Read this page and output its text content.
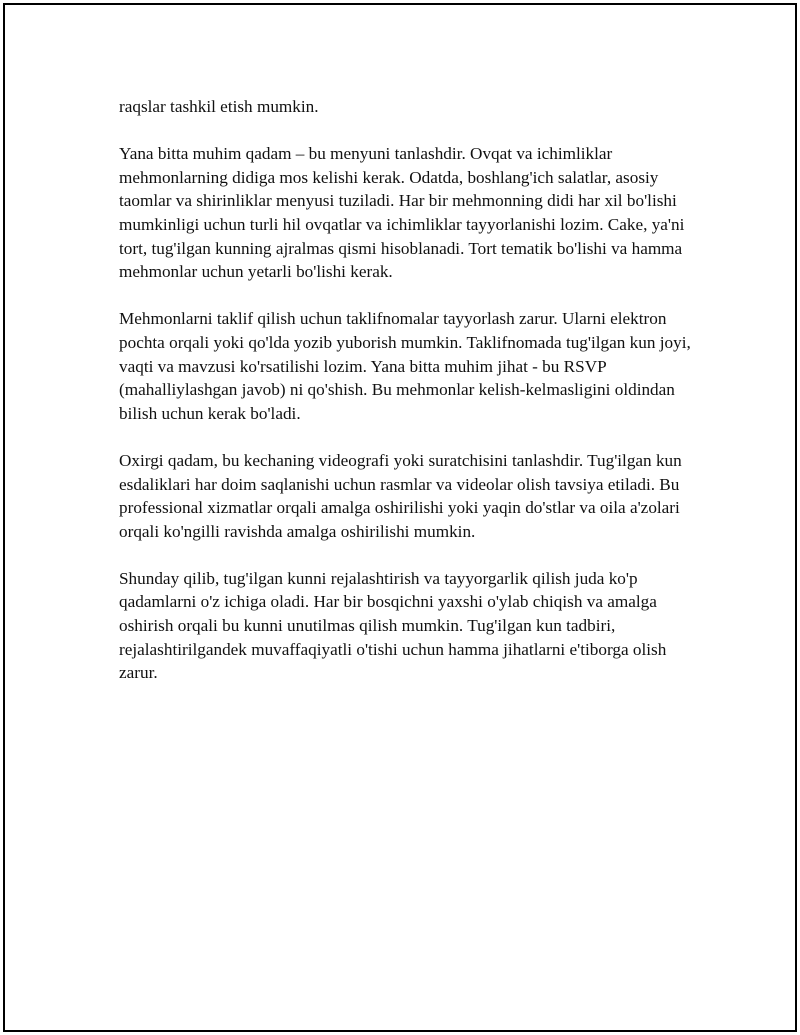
raqslar tashkil etish mumkin.

Yana bitta muhim qadam – bu menyuni tanlashdir. Ovqat va ichimliklar mehmonlarning didiga mos kelishi kerak. Odatda, boshlang'ich salatlar, asosiy taomlar va shirinliklar menyusi tuziladi. Har bir mehmonning didi har xil bo'lishi mumkinligi uchun turli hil ovqatlar va ichimliklar tayyorlanishi lozim. Cake, ya'ni tort, tug'ilgan kunning ajralmas qismi hisoblanadi. Tort tematik bo'lishi va hamma mehmonlar uchun yetarli bo'lishi kerak.

Mehmonlarni taklif qilish uchun taklifnomalar tayyorlash zarur. Ularni elektron pochta orqali yoki qo'lda yozib yuborish mumkin. Taklifnomada tug'ilgan kun joyi, vaqti va mavzusi ko'rsatilishi lozim. Yana bitta muhim jihat - bu RSVP (mahalliylashgan javob) ni qo'shish. Bu mehmonlar kelish-kelmasligini oldindan bilish uchun kerak bo'ladi.

Oxirgi qadam, bu kechaning videografi yoki suratchisini tanlashdir. Tug'ilgan kun esdaliklari har doim saqlanishi uchun rasmlar va videolar olish tavsiya etiladi. Bu professional xizmatlar orqali amalga oshirilishi yoki yaqin do'stlar va oila a'zolari orqali ko'ngilli ravishda amalga oshirilishi mumkin.

Shunday qilib, tug'ilgan kunni rejalashtirish va tayyorgarlik qilish juda ko'p qadamlarni o'z ichiga oladi. Har bir bosqichni yaxshi o'ylab chiqish va amalga oshirish orqali bu kunni unutilmas qilish mumkin. Tug'ilgan kun tadbiri, rejalashtirilgandek muvaffaqiyatli o'tishi uchun hamma jihatlarni e'tiborga olish zarur.
